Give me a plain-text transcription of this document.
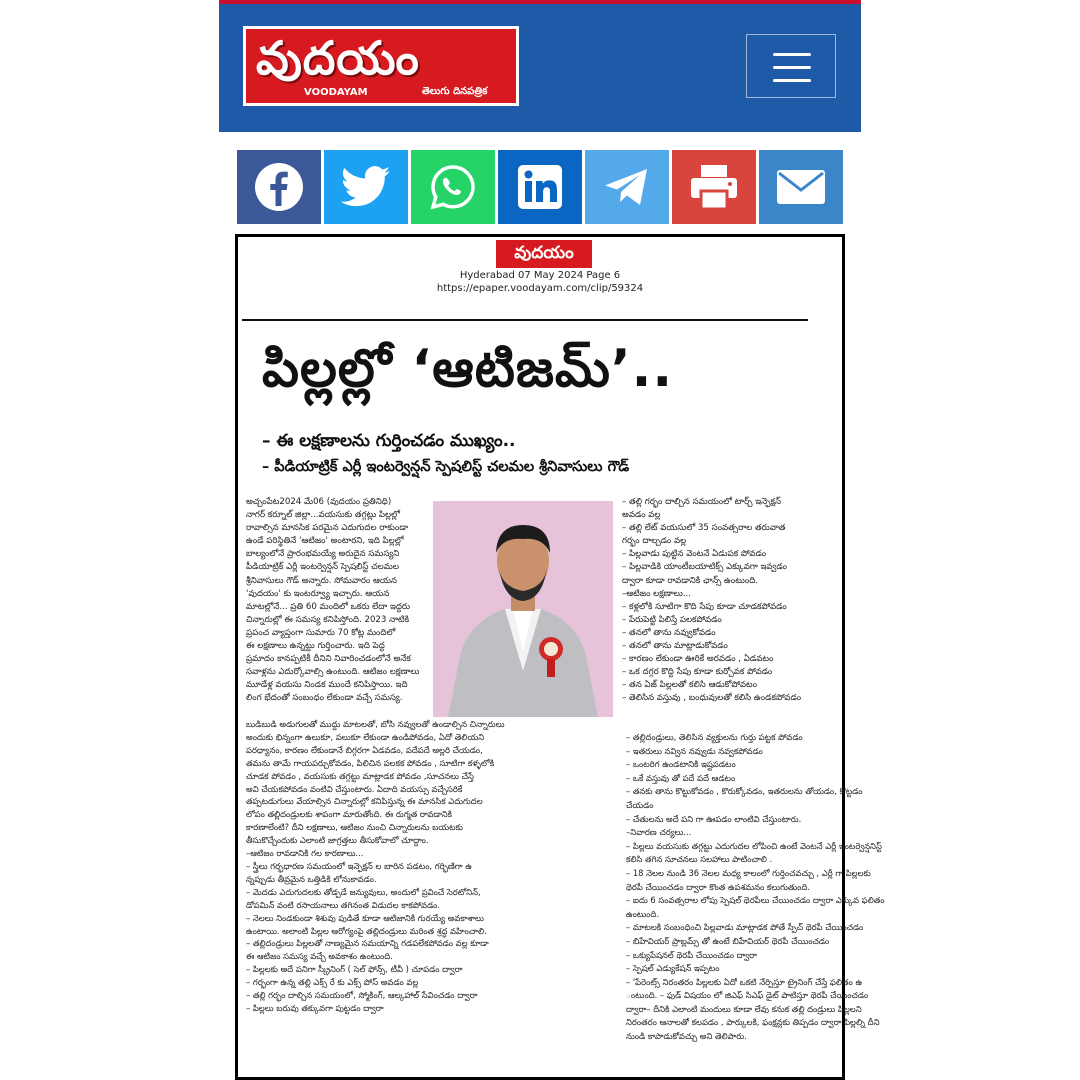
వుదయం
VOODAYAM	తెలుగు దినపత్రిక
వుదయం
Hyderabad 07 May 2024 Page 6
https://epaper.voodayam.com/clip/59324
పిల్లల్లో ‘ఆటిజమ్’..
– ఈ లక్షణాలను గుర్తించడం ముఖ్యం..
– పీడియాట్రిక్ ఎర్లీ ఇంటర్వెన్షన్ స్పెషలిస్ట్ చలమల శ్రీనివాసులు గౌడ్

అచ్చంపేట2024 మే06 (వుదయం ప్రతినిధి)

నాగర్ కర్నూల్ జిల్లా...వయసుకు తగ్గట్లు పిల్లల్లో

రావాల్సిన మానసిక పరమైన ఎదుగుదల రాకుండా

ఉండే పరిస్థితినే 'ఆటిజం' అంటారని, ఇది పిల్లల్లో

బాల్యంలోనే ప్రారంభమయ్యే అరుదైన సమస్యని

పీడియాట్రిక్ ఎర్లీ ఇంటర్వెన్షన్ స్పెషలిస్ట్ చలమల

శ్రీనివాసులు గౌడ్ అన్నారు. సోమవారం ఆయన

'వుదయం' కు ఇంటర్వ్యూ ఇచ్చారు. ఆయన

మాటల్లోనే... ప్రతి 60 మందిలో ఒకరు లేదా ఇద్దరు

చిన్నారుల్లో ఈ సమస్య కనిపిస్తోంది. 2023 నాటికి

ప్రపంచ వ్యాప్తంగా సుమారు 70 కోట్ల మందిలో

ఈ లక్షణాలు ఉన్నట్టు గుర్తించారు. ఇది పెద్ద

ప్రమాదం కానప్పటికీ దీనిని నివారించడంలోనే అనేక

సవాళ్లను ఎదుర్కోవాల్సి ఉంటుంది. ఆటిజం లక్షణాలు

మూడేళ్ల వయసు నిండక ముందే కనిపిస్తాయి. ఇది

లింగ భేదంతో సంబంధం లేకుండా వచ్చే సమస్య.

– తల్లి గర్భం దాల్చిన సమయంలో టార్చ్ ఇన్ఫెక్షన్

అవడం వల్ల

– తల్లి లేట్ వయసులో 35 సంవత్సరాల తరువాత

గర్భం దాల్చడం వల్ల

– పిల్లవాడు పుట్టిన వెంటనే ఏడుపక పోవడం

– పిల్లవాడికి యాంటీబయాటిక్స్ ఎక్కువగా ఇవ్వడం

ద్వారా కూడా రావడానికి ఛాన్స్ ఉంటుంది.

–ఆటిజం లక్షణాలు...

– కళ్లలోకి సూటిగా కొది సేపు కూడా చూడకపోవడం

– పేరుపెట్టి పిలిస్తే పలకపోవడం

– తనలో తాను నవ్వుకోవడం

– తనలో తాను మాట్లాడుకోవడం

– కారణం లేకుండా ఊరికే అరవడం , ఏడవటం

– ఒక దగ్గర కొద్ది సేపు కూడా కుర్చోవక పోవడం

– తన ఏజ్ పిల్లలతో కలిసి ఆడుకోపోవటం

– తెలిసిన వస్తువు , బంధువులతో కలిసి ఉండకపోవడం

బుడిబుడి అడుగులతో ముద్దు మాటలతో, బోసి నవ్వులతో ఉండాల్సిన చిన్నారులు

అందుకు భిన్నంగా ఉలుకూ, పలుకూ లేకుండా ఉండిపోవడం, ఏదో తెలియని

పరధ్యానం, కారణం లేకుండానే బిగ్గరగా ఏడవడం, పదేపదే అల్లరి చేయడం,

తమను తామే గాయపర్చుకోవడం, పిలిచిన పలకక పోవడం , సూటిగా కళ్ళలోకి

చూడక పోవడం , వయసుకు తగ్గట్టు మాట్లాడక పోవడం ,సూచనలు చేస్తే

అవి చేయకపోవడం వంటివి చేస్తుంటారు. ఏదాది వయస్సు వచ్చేసరికే

తప్పటడుగులు వేయాల్సిన చిన్నారుల్లో కనిపిస్తున్న ఈ మానసిక ఎదుగుదల

లోపం తల్లిదండ్రులకు శాపంగా మారుతోంది. ఈ రుగ్మత రావడానికి

కారణాలేంటి? దీని లక్షణాలు, ఆటిజం నుంచి చిన్నారులను బయటకు

తీసుకొచ్చేందుకు ఎలాంటి జాగ్రత్తలు తీసుకోవాలో చూద్దాం.

–ఆటిజం రావడానికి గల కారణాలు...

– స్త్రీలు గర్భధారణ సమయంలో ఇన్ఫెక్షన్ ల బారిన పడటం, గర్భిణిగా ఉ

న్నప్పుడు తీవ్రమైన ఒత్తిడికి లోనుకావడం.

– మెదడు ఎదుగుదలకు తోడ్పడే జన్యువులు, అందులో ప్రవించే సెరటోనిన్,

డోపమిన్ వంటి రసాయనాలు తగినంత విడుదల కాకపోవడం.

– నెలలు నిండకుండా శిశువు పుడితే కూడా ఆటిజానికి గురయ్యే అవకాశాలు

ఉంటాయి. అలాంటి పిల్లల ఆరోగ్యంపై తల్లిదండ్రులు మరింత శ్రద్ధ వహించాలి.

– తల్లిదండ్రులు పిల్లలతో నాణ్యమైన సమయాన్ని గడపలేకపోవడం వల్ల కూడా

ఈ ఆటిజం సమస్య వచ్చే అవకాశం ఉంటుంది.

– పిల్లలకు అదే పనిగా స్క్రీనింగ్ ( సెల్ ఫోన్స్, టీవీ ) చూపడం ద్వారా

– గర్భంగా ఉన్న తల్లి ఎక్స్ రే కు ఎక్స్ పోస్ అవడం వల్ల

– తల్లి గర్భం దాల్చిన సమయంలో, స్మోకింగ్, ఆల్కహాల్ సేవించడం ద్వారా

– పిల్లలు బరువు తక్కువగా పుట్టడం ద్వారా

– తల్లిదండ్రులు, తెలిసిన వ్యక్తులను గుర్తు పట్టక పోవడం

– ఇతరులు నవ్విన నవ్వుడు నవ్వకపోవడం

– ఒంటరిగ ఉండటానికి ఇష్టపడటం

– ఒకే వస్తువు తో పదే పదే ఆడటం

– తనకు తాను కొట్టుకోవడం , కొరుక్కోవడం, ఇతరులను తోయడం, కొట్టడం

చేయడం

– చేతులను అదే పని గా ఊపడం లాంటివి చేస్తుంటారు.

–నివారణ చర్యలు...

– పిల్లలు వయసుకు తగ్గట్టు ఎదుగుదల లోపించి ఉంటే వెంటనే ఎర్లీ ఇంటర్వెన్షనిస్ట్

కలిసి తగిన సూచనలు సలహాలు పాటించాలి .

– 18 నెలల నుండి 36 నెలల మధ్య కాలంలో గుర్తించవచ్చు , ఎర్లీ గా పిల్లలకు

థెరపీ చేయించడం ద్వారా కొంత ఉపశమనం కలుగుతుంది.

– ఐదు 6 సంవత్సరాల లోపు స్పెషల్ థెరపీలు చేయించడం ద్వారా ఎక్కువ ఫలితం

ఉంటుంది.

– మాటలకి సంబంధించి పిల్లవాడు మాట్లాడక పోతే స్పీచ్ థెరపీ చేయించడం

– బిహేవియర్ ప్రాబ్లమ్స్ తో ఉంటే బిహేవియర్ థెరపీ చేయించడం

– ఒక్యుపేషనల్ థెరపీ చేయించడం ద్వారా

– స్పెషల్ ఎడ్యుకేషన్ ఇప్పటం

– 'పేరెంట్స్ నిరంతరం పిల్లలకు ఏదో ఒకటి నేర్పిస్తూ ట్రైనింగ్ చేస్తే ఫలితం ఉ

ంటుంది. – ఫుడ్ విషయం లో జిఎఫ్ సిఎఫ్ డైట్ పాటిస్తూ థెరపీ చేయించడం

ద్వారా– దీనికి ఎలాంటి మందులు కూడా లేవు కనుక తల్లి దండ్రులు పిల్లలని

నిరంతరం ఆనాలతో కలపడం , పార్కులకి, ఫంక్షన్లకు తిప్పడం ద్వారా పిల్లల్ని దీని

నుండి కాపాడుకోవచ్చు అని తెలిపారు.
